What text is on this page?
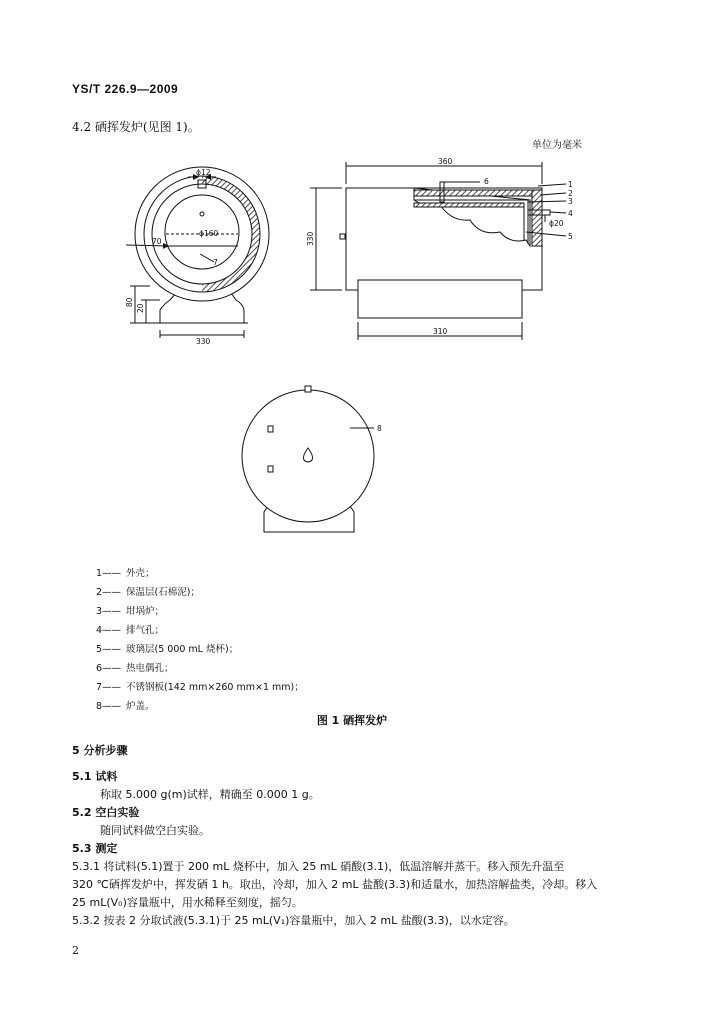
YS/T 226.9—2009
4.2 硒挥发炉(见图 1)。
单位为毫米
ϕ12
ϕ160
70
7
80
20
330
6	1
2
3
4
ϕ20
5
360
330
310
8
1—— 外壳；
2—— 保温层(石棉泥)；
3—— 坩埚炉；
4—— 排气孔；
5—— 玻璃层(5 000 mL 烧杯)；
6—— 热电偶孔；
7—— 不锈钢板(142 mm×260 mm×1 mm)；
8—— 炉盖。
图 1 硒挥发炉
5 分析步骤
5.1 试料
称取 5.000 g(m)试样，精确至 0.000 1 g。
5.2 空白实验
随同试料做空白实验。
5.3 测定
5.3.1 将试料(5.1)置于 200 mL 烧杯中，加入 25 mL 硝酸(3.1)，低温溶解并蒸干。移入预先升温至
320 ℃硒挥发炉中，挥发硒 1 h。取出，冷却，加入 2 mL 盐酸(3.3)和适量水，加热溶解盐类，冷却。移入
25 mL(V₀)容量瓶中，用水稀释至刻度，摇匀。
5.3.2 按表 2 分取试液(5.3.1)于 25 mL(V₁)容量瓶中，加入 2 mL 盐酸(3.3)，以水定容。
2
